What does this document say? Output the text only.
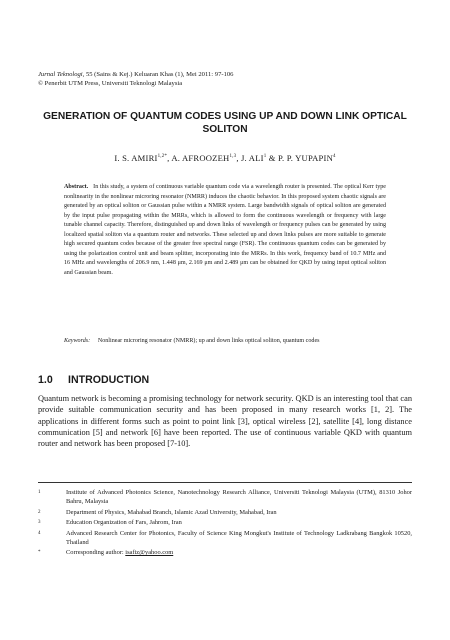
Jurnal Teknologi, 55 (Sains & Kej.) Keluaran Khas (1), Mei 2011: 97-106
© Penerbit UTM Press, Universiti Teknologi Malaysia
GENERATION OF QUANTUM CODES USING UP AND DOWN LINK OPTICAL SOLITON
I. S. $AMIRI^{1,2*}$, A. AFROOZEH$^{1,3}$, J. ALI$^1$ & P. P. YUPAPIN$^4$

Abstract. In this study, a system of continuous variable quantum code via a wavelength router is presented. The optical Kerr type nonlinearity in the nonlinear microring resonator (NMRR) induces the chaotic behavior. In this proposed system chaotic signals are generated by an optical soliton or Gaussian pulse within a NMRR system. Large bandwidth signals of optical soliton are generated by the input pulse propagating within the MRRs, which is allowed to form the continuous wavelength or frequency with large tunable channel capacity. Therefore, distinguished up and down links of wavelength or frequency pulses can be generated by using localized spatial soliton via a quantum router and networks. These selected up and down links pulses are more suitable to generate high secured quantum codes because of the greater free spectral range (FSR). The continuous quantum codes can be generated by using the polarization control unit and beam splitter, incorporating into the MRRs. In this work, frequency band of 10.7 MHz and 16 MHz and wavelengths of 206.9 nm, 1.448 μm, 2.169 μm and 2.489 μm can be obtained for QKD by using input optical soliton and Gaussian beam.

Keywords: Nonlinear microring resonator (NMRR); up and down links optical soliton, quantum codes
1.0 INTRODUCTION

Quantum network is becoming a promising technology for network security. QKD is an interesting tool that can provide suitable communication security and has been proposed in many research works [1, 2]. The applications in different forms such as point to point link [3], optical wireless [2], satellite [4], long distance communication [5] and network [6] have been reported. The use of continuous variable QKD with quantum router and network has been proposed [7-10].

1	Institute of Advanced Photonics Science, Nanotechnology Research Alliance, Universiti Teknologi Malaysia (UTM), 81310 Johor Bahru, Malaysia
2	Department of Physics, Mahabad Branch, Islamic Azad University, Mahabad, Iran
3	Education Organization of Fars, Jahrom, Iran
4	Advanced Research Center for Photonics, Faculty of Science King Mongkut's Institute of Technology Ladkrabang Bangkok 10520, Thailand
*	Corresponding author: isafiz@yahoo.com
